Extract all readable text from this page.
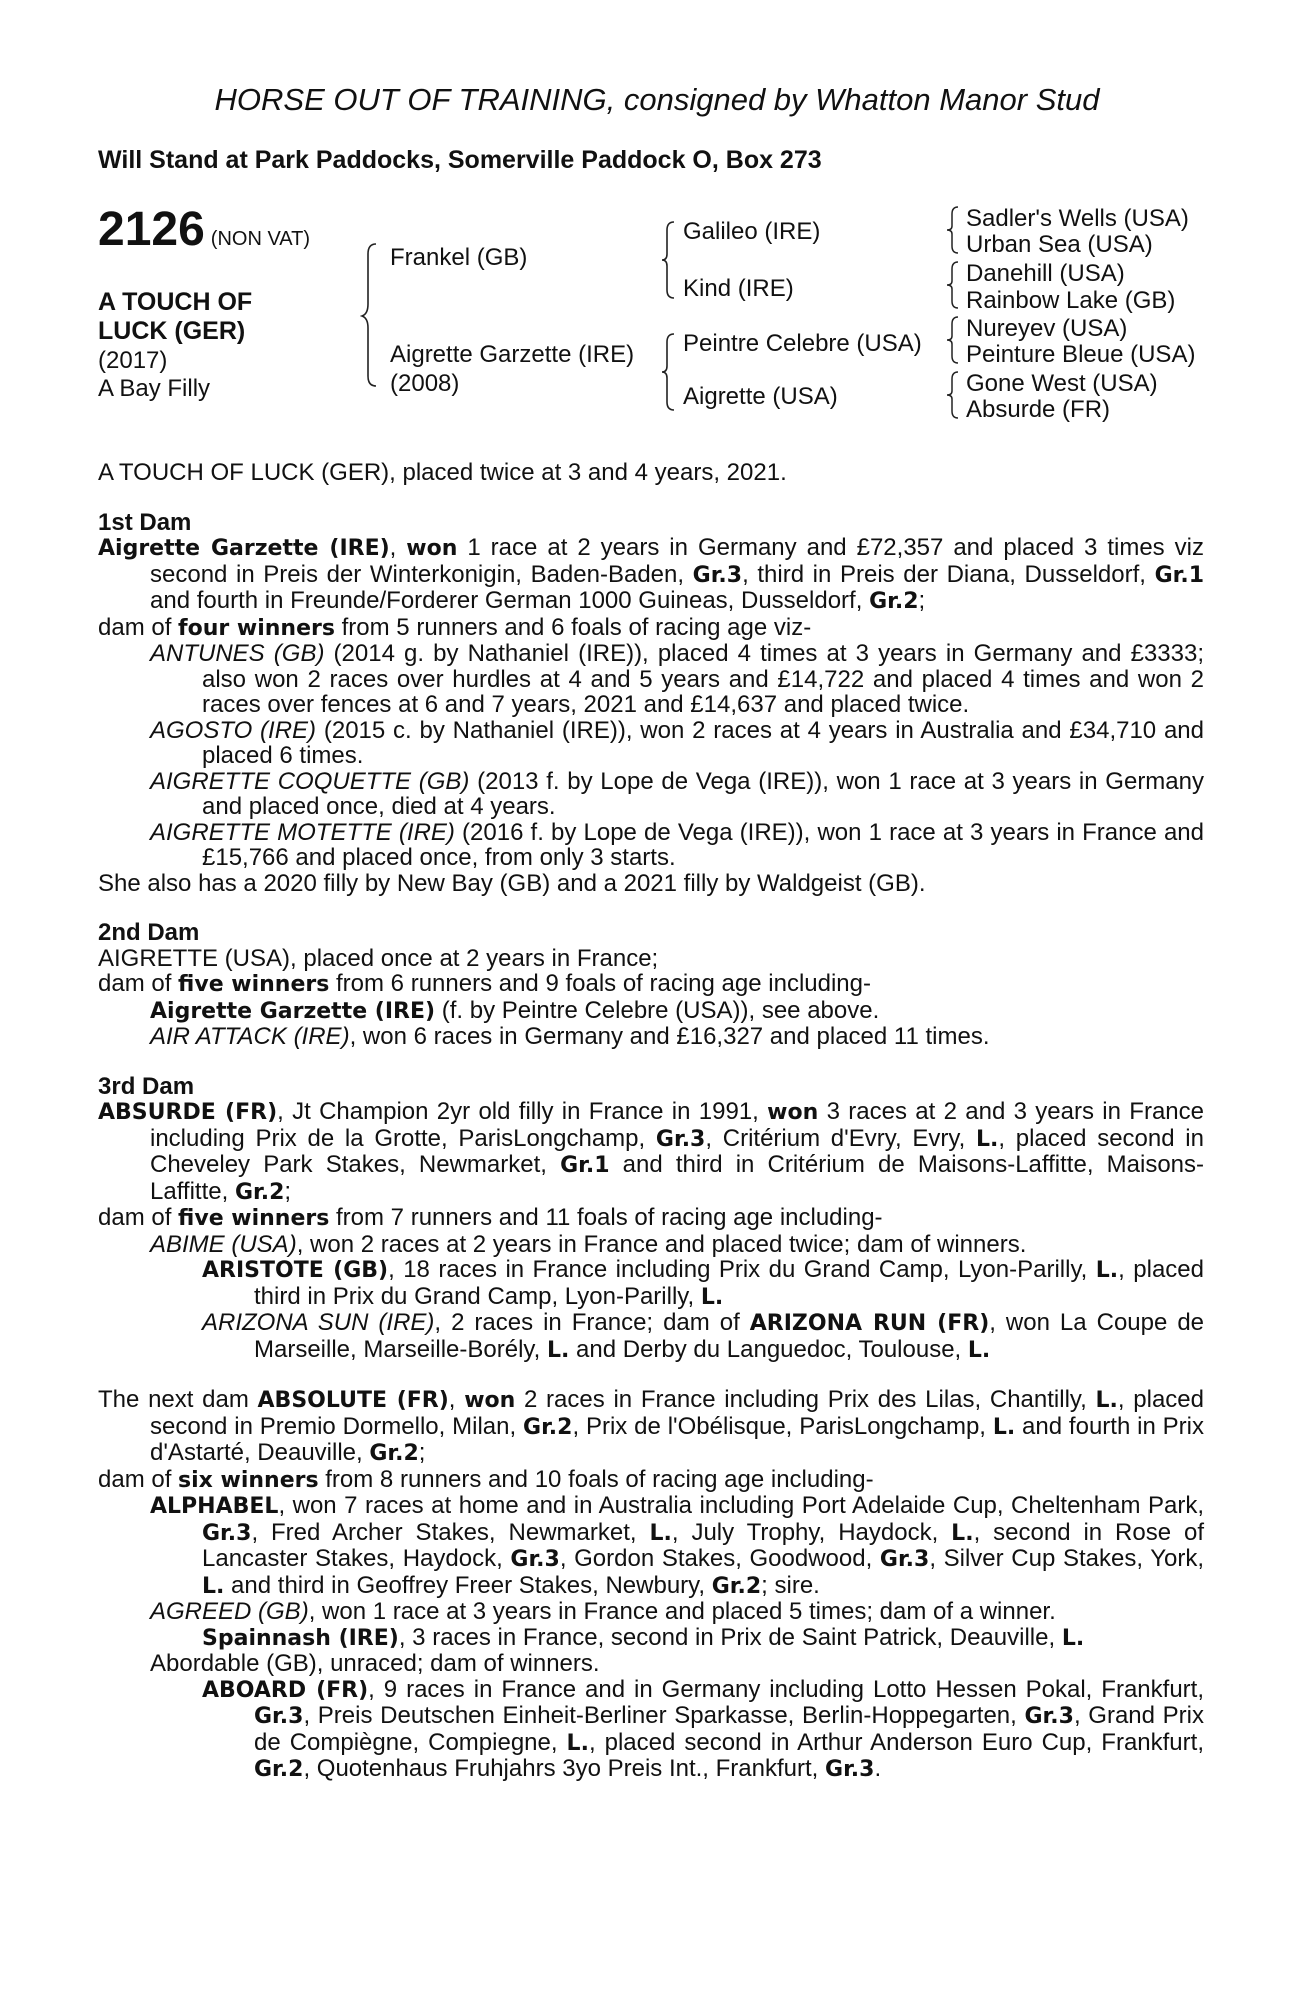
HORSE OUT OF TRAINING, consigned by Whatton Manor Stud
Will Stand at Park Paddocks, Somerville Paddock O, Box 273
2126 (NON VAT)
A TOUCH OF
LUCK (GER)
(2017)
A Bay Filly
Frankel (GB)
Aigrette Garzette (IRE)
(2008)
Galileo (IRE)
Kind (IRE)
Peintre Celebre (USA)
Aigrette (USA)
Sadler's Wells (USA)
Urban Sea (USA)
Danehill (USA)
Rainbow Lake (GB)
Nureyev (USA)
Peinture Bleue (USA)
Gone West (USA)
Absurde (FR)

A TOUCH OF LUCK (GER), placed twice at 3 and 4 years, 2021.

1st Dam

Aigrette Garzette (IRE), won 1 race at 2 years in Germany and £72,357 and placed 3 times viz second in Preis der Winterkonigin, Baden-Baden, Gr.3, third in Preis der Diana, Dusseldorf, Gr.1 and fourth in Freunde/Forderer German 1000 Guineas, Dusseldorf, Gr.2;

dam of four winners from 5 runners and 6 foals of racing age viz-

ANTUNES (GB) (2014 g. by Nathaniel (IRE)), placed 4 times at 3 years in Germany and £3333; also won 2 races over hurdles at 4 and 5 years and £14,722 and placed 4 times and won 2 races over fences at 6 and 7 years, 2021 and £14,637 and placed twice.

AGOSTO (IRE) (2015 c. by Nathaniel (IRE)), won 2 races at 4 years in Australia and £34,710 and placed 6 times.

AIGRETTE COQUETTE (GB) (2013 f. by Lope de Vega (IRE)), won 1 race at 3 years in Germany and placed once, died at 4 years.

AIGRETTE MOTETTE (IRE) (2016 f. by Lope de Vega (IRE)), won 1 race at 3 years in France and £15,766 and placed once, from only 3 starts.

She also has a 2020 filly by New Bay (GB) and a 2021 filly by Waldgeist (GB).

2nd Dam

AIGRETTE (USA), placed once at 2 years in France;

dam of five winners from 6 runners and 9 foals of racing age including-

Aigrette Garzette (IRE) (f. by Peintre Celebre (USA)), see above.

AIR ATTACK (IRE), won 6 races in Germany and £16,327 and placed 11 times.

3rd Dam

ABSURDE (FR), Jt Champion 2yr old filly in France in 1991, won 3 races at 2 and 3 years in France including Prix de la Grotte, ParisLongchamp, Gr.3, Critérium d'Evry, Evry, L., placed second in Cheveley Park Stakes, Newmarket, Gr.1 and third in Critérium de Maisons-Laffitte, Maisons-Laffitte, Gr.2;

dam of five winners from 7 runners and 11 foals of racing age including-

ABIME (USA), won 2 races at 2 years in France and placed twice; dam of winners.

ARISTOTE (GB), 18 races in France including Prix du Grand Camp, Lyon-Parilly, L., placed third in Prix du Grand Camp, Lyon-Parilly, L.

ARIZONA SUN (IRE), 2 races in France; dam of ARIZONA RUN (FR), won La Coupe de Marseille, Marseille-Borély, L. and Derby du Languedoc, Toulouse, L.

The next dam ABSOLUTE (FR), won 2 races in France including Prix des Lilas, Chantilly, L., placed second in Premio Dormello, Milan, Gr.2, Prix de l'Obélisque, ParisLongchamp, L. and fourth in Prix d'Astarté, Deauville, Gr.2;

dam of six winners from 8 runners and 10 foals of racing age including-

ALPHABEL, won 7 races at home and in Australia including Port Adelaide Cup, Cheltenham Park, Gr.3, Fred Archer Stakes, Newmarket, L., July Trophy, Haydock, L., second in Rose of Lancaster Stakes, Haydock, Gr.3, Gordon Stakes, Goodwood, Gr.3, Silver Cup Stakes, York, L. and third in Geoffrey Freer Stakes, Newbury, Gr.2; sire.

AGREED (GB), won 1 race at 3 years in France and placed 5 times; dam of a winner.

Spainnash (IRE), 3 races in France, second in Prix de Saint Patrick, Deauville, L.

Abordable (GB), unraced; dam of winners.

ABOARD (FR), 9 races in France and in Germany including Lotto Hessen Pokal, Frankfurt, Gr.3, Preis Deutschen Einheit-Berliner Sparkasse, Berlin-Hoppegarten, Gr.3, Grand Prix de Compiègne, Compiegne, L., placed second in Arthur Anderson Euro Cup, Frankfurt, Gr.2, Quotenhaus Fruhjahrs 3yo Preis Int., Frankfurt, Gr.3.
